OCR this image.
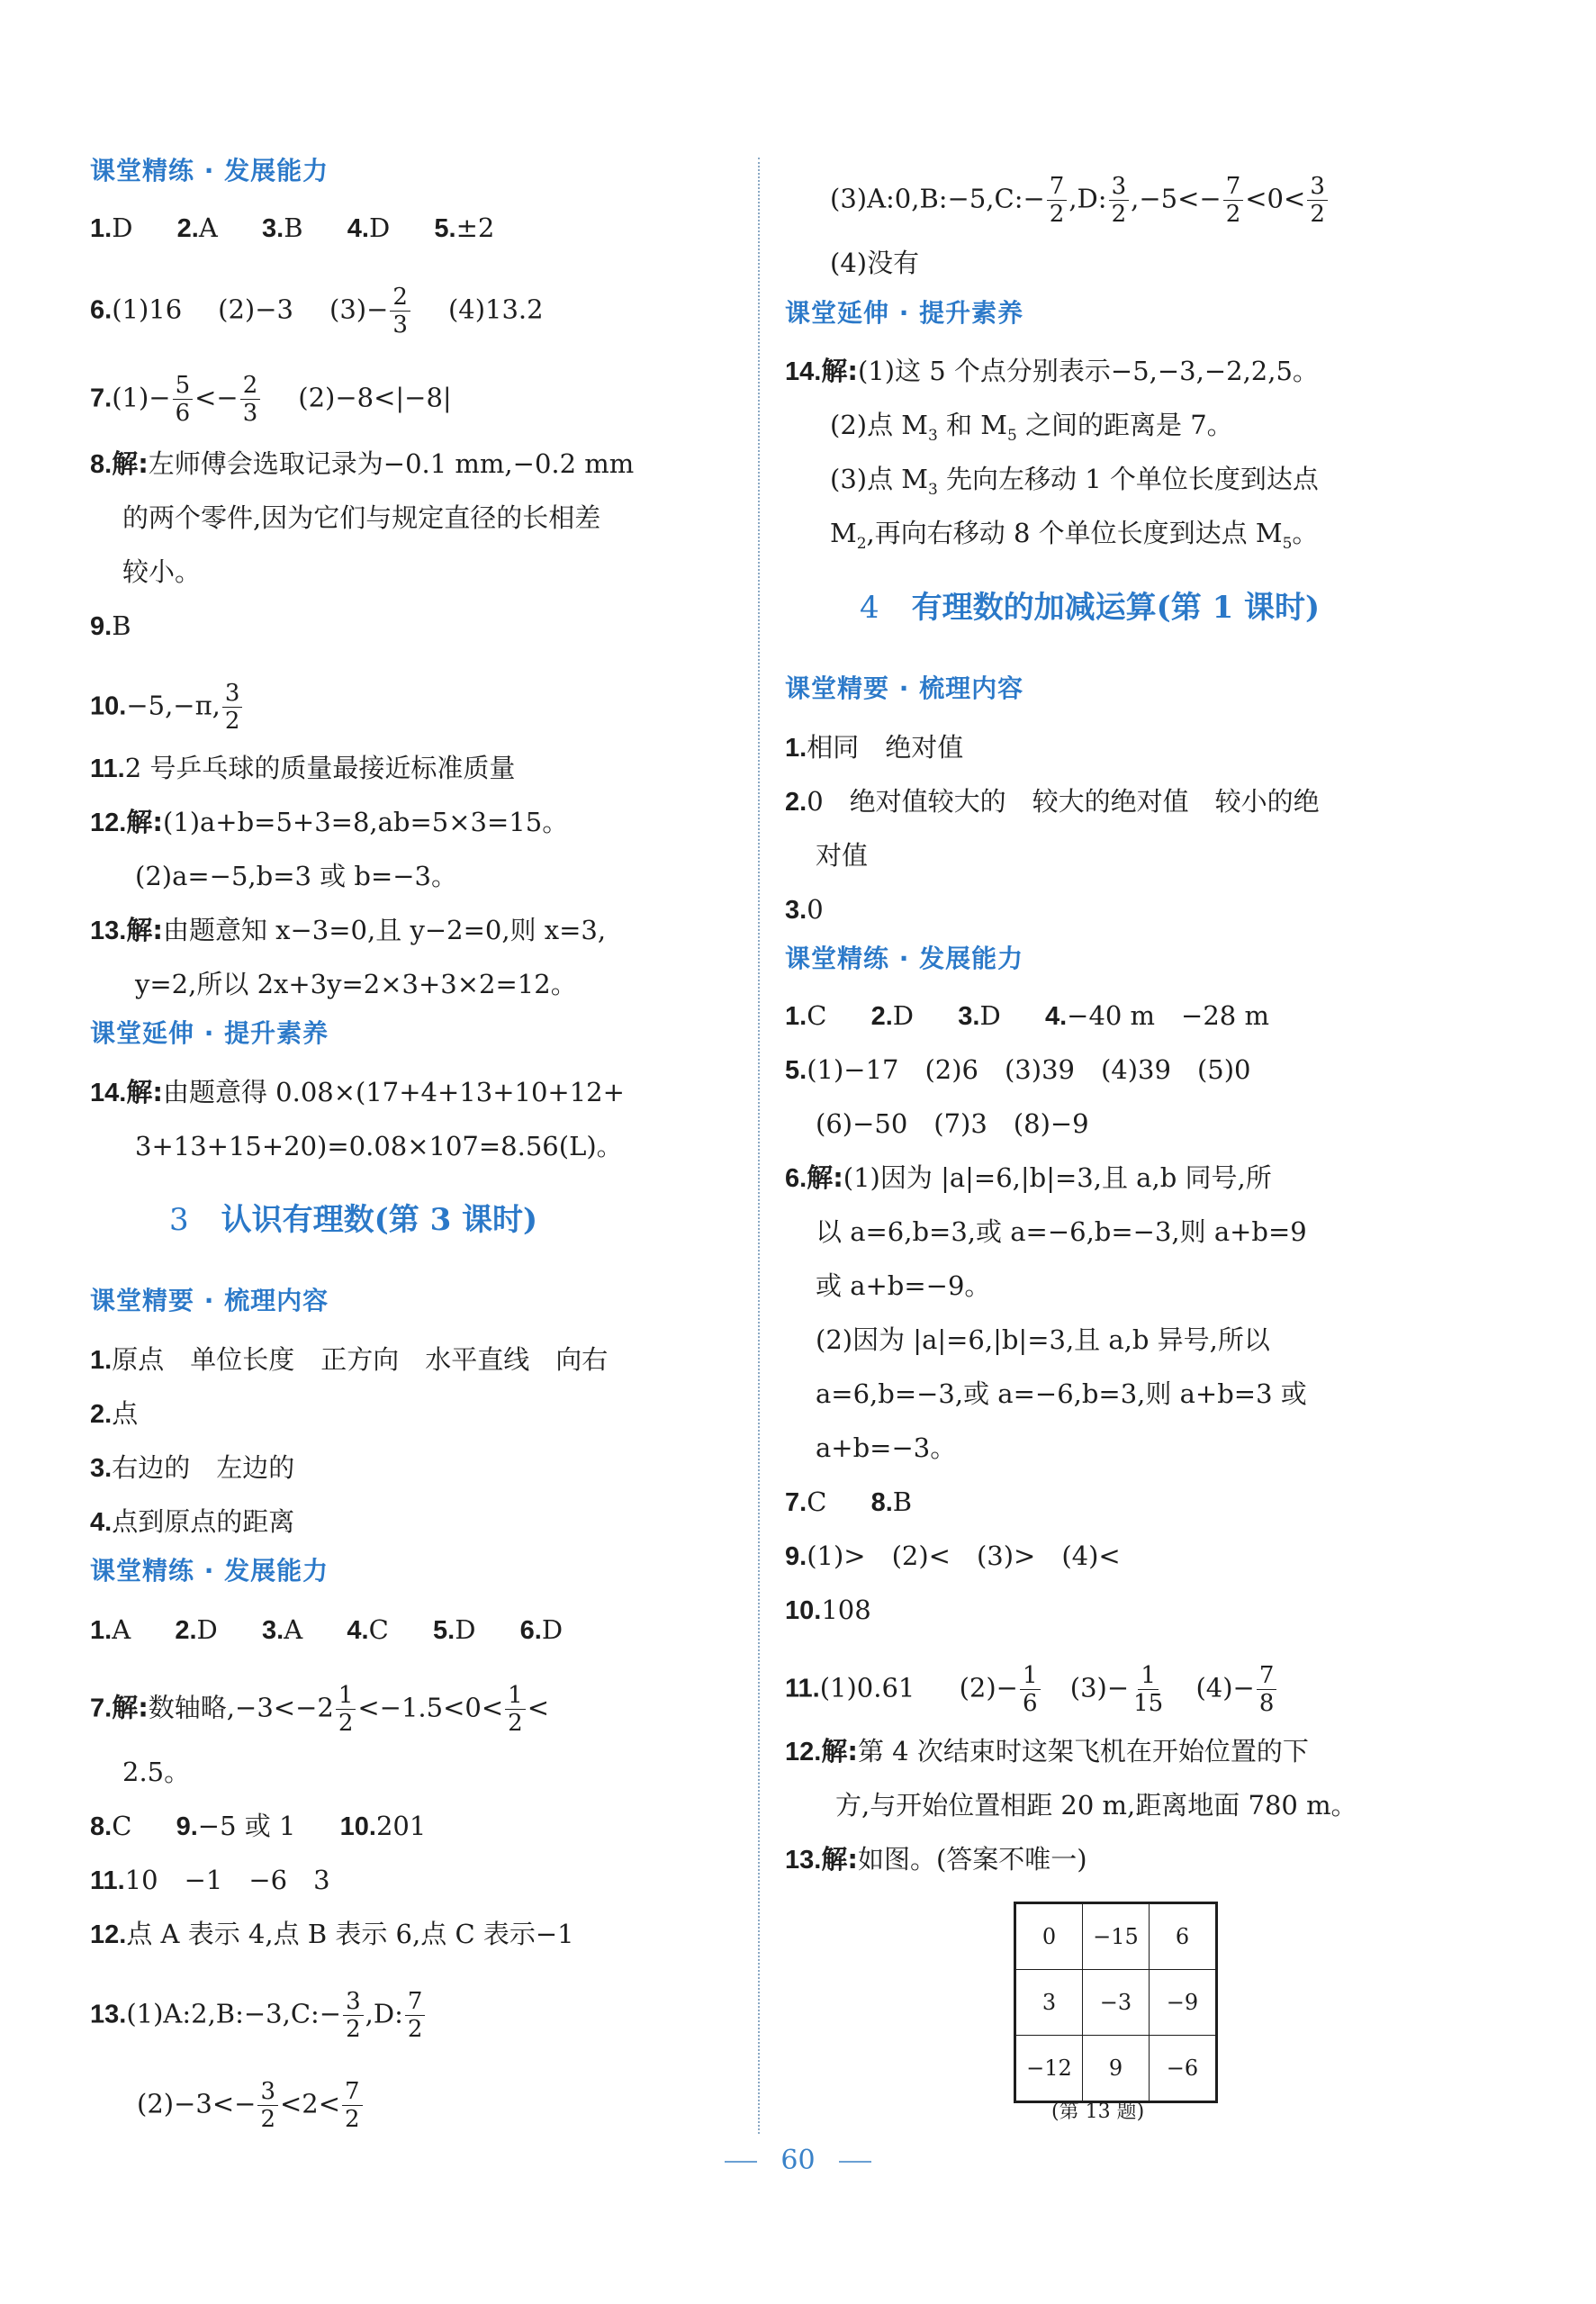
课堂精练 · 发展能力
1.D 2.A 3.B 4.D 5.±2
6.(1)16 (2)−3 $(3)- \frac{2}{3} (4)13.2$
$7.(1)- \frac{5}{6} <- \frac{2}{3} (2)-8<|-8|$
8.解:左师傅会选取记录为−0.1 mm,−0.2 mm
的两个零件,因为它们与规定直径的长相差
较小。
9.B
10.−5,−π, $\frac{3}{2}$
11.2 号乒乓球的质量最接近标准质量
12.解:(1)a+b=5+3=8,ab=5×3=15。
(2)a=−5,b=3 或 b=−3。
13.解:由题意知 x−3=0,且 y−2=0,则 x=3,
y=2,所以 2x+3y=2×3+3×2=12。
课堂延伸 · 提升素养
14.解:由题意得 0.08×(17+4+13+10+12+
3+13+15+20)=0.08×107=8.56(L)。
3 认识有理数(第 3 课时)
课堂精要 · 梳理内容
1.原点　单位长度　正方向　水平直线　向右
2.点
3.右边的　左边的
4.点到原点的距离
课堂精练 · 发展能力
1.A 2.D 3.A 4.C 5.D 6.D
7.解:数轴略$,-3<-2 \frac{1}{2} <-1.5<0< \frac{1}{2}$ <
2.5。
8.C 9.−5 或 1 10.201
11.10　−1　−6　3
12.点 A 表示 4,点 B 表示 6,点 C 表示−1
13.(1)A:2,B:−3,C:− $\frac{3}{2} ,D$: $\frac{7}{2}$
$(2)-3<- \frac{3}{2} <2< \frac{7}{2}$
(3)A:0,B:−5,C:− $\frac{7}{2} ,D$: $\frac{3}{2} ,-5<- \frac{7}{2} <0< \frac{3}{2}$
(4)没有
课堂延伸 · 提升素养
14.解:(1)这 5 个点分别表示−5,−3,−2,2,5。
(2)点 $M_3$ 和 $M_5$ 之间的距离是 7。
(3)点 $M_3$ 先向左移动 1 个单位长度到达点
$M_2$,再向右移动 8 个单位长度到达点 $M_5$。
4 有理数的加减运算(第 1 课时)
课堂精要 · 梳理内容
1.相同　绝对值
2.0　绝对值较大的　较大的绝对值　较小的绝
对值
3.0
课堂精练 · 发展能力
1.C 2.D 3.D 4.−40 m　−28 m
5.(1)−17　(2)6　(3)39　(4)39　(5)0
(6)−50　(7)3　(8)−9
6.解:(1)因为 |a|=6,|b|=3,且 a,b 同号,所
以 a=6,b=3,或 a=−6,b=−3,则 a+b=9
或 a+b=−9。
(2)因为 |a|=6,|b|=3,且 a,b 异号,所以
a=6,b=−3,或 a=−6,b=3,则 a+b=3 或
a+b=−3。
7.C 8.B
9.(1)>　(2)<　(3)>　(4)<
10.108
11.(1)0.61 $(2)- \frac{1}{6} (3)- \frac{1}{15} (4)- \frac{7}{8}$
12.解:第 4 次结束时这架飞机在开始位置的下
方,与开始位置相距 20 m,距离地面 780 m。
13.解:如图。(答案不唯一)
0	−15	6
3	−3	−9
−12	9	−6
(第 13 题)
60
